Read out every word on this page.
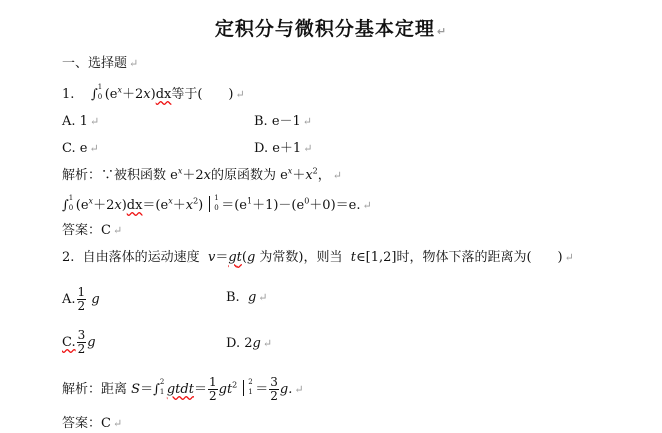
定积分与微积分基本定理 ↵
一、选择题 ↵
1. ∫ 1
0 $(e^x+2x)dx$等于(　　) ↵
A. 1 ↵	B. e－1 ↵
C. e ↵	D. e＋1 ↵
解析：∵被积函数 $e^x+2x$的原函数为 $e^x+x^2$， ↵
∫ 1
0 $(e^x+2x)dx=(e^x+x^2)$ 1
$0 =(e^1+1)-(e^0+0)=e$. ↵
答案：C ↵
2. 自由落体的运动速度 v＝gt(g 为常数)，则当 t∈[1,2]时，物体下落的距离为(　　) ↵
A. $\frac{1}{2}$ g	B. g ↵
C. $\frac{3}{2}$ g	D. 2g ↵
解析：距离 S＝∫ 2
1 gtdt＝ $\frac{1}{2} gt^2$ 2
$1 = \frac{3}{2} g$. ↵
答案：C ↵
